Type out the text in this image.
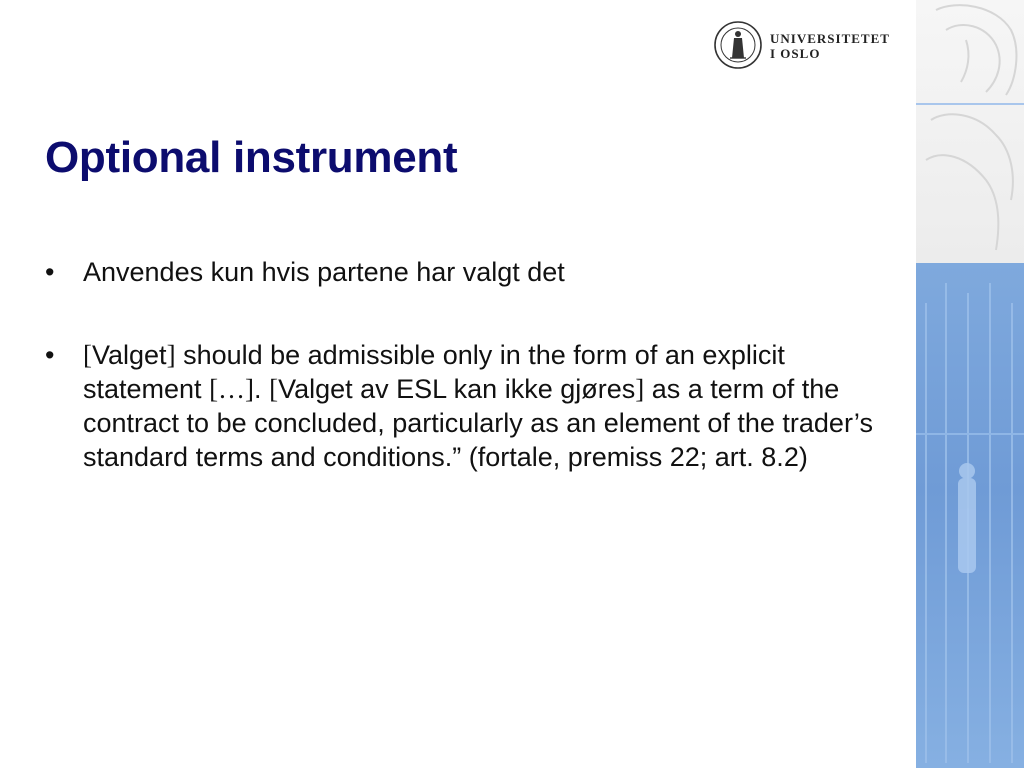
UNIVERSITETET
I OSLO
Optional instrument
•	Anvendes kun hvis partene har valgt det
•	[Valget] should be admissible only in the form of an explicit statement […]. [Valget av ESL kan ikke gjøres] as a term of the contract to be concluded, particularly as an element of the trader’s standard terms and conditions.” (fortale, premiss 22; art. 8.2)
